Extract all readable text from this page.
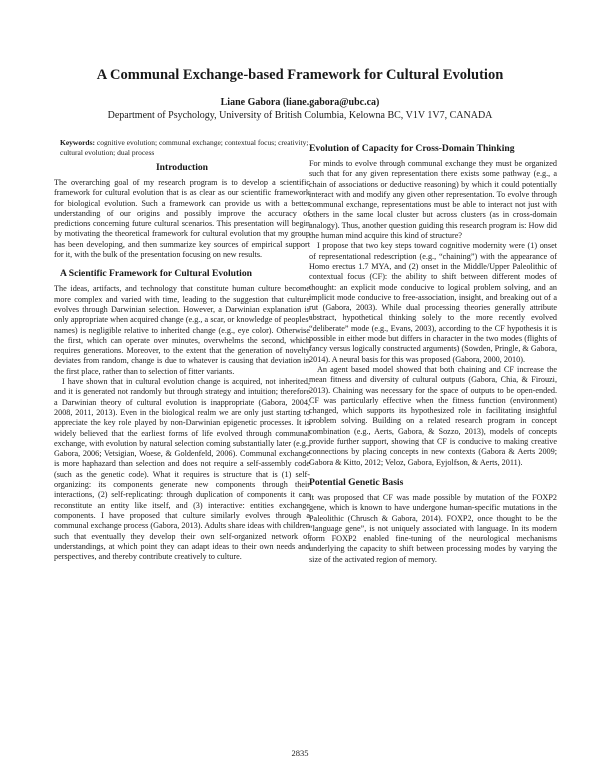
A Communal Exchange-based Framework for Cultural Evolution
Liane Gabora (liane.gabora@ubc.ca)
Department of Psychology, University of British Columbia, Kelowna BC, V1V 1V7, CANADA
Keywords: cognitive evolution; communal exchange; contextual focus; creativity; cultural evolution; dual process
Introduction

The overarching goal of my research program is to develop a scientific framework for cultural evolution that is as clear as our scientific framework for biological evolution. Such a framework can provide us with a better understanding of our origins and possibly improve the accuracy of predictions concerning future cultural scenarios. This presentation will begin by motivating the theoretical framework for cultural evolution that my group has been developing, and then summarize key sources of empirical support for it, with the bulk of the presentation focusing on new results.

A Scientific Framework for Cultural Evolution

The ideas, artifacts, and technology that constitute human culture become more complex and varied with time, leading to the suggestion that culture evolves through Darwinian selection. However, a Darwinian explanation is only appropriate when acquired change (e.g., a scar, or knowledge of peoples' names) is negligible relative to inherited change (e.g., eye color). Otherwise the first, which can operate over minutes, overwhelms the second, which requires generations. Moreover, to the extent that the generation of novelty deviates from random, change is due to whatever is causing that deviation in the first place, rather than to selection of fitter variants.

I have shown that in cultural evolution change is acquired, not inherited, and it is generated not randomly but through strategy and intuition; therefore a Darwinian theory of cultural evolution is inappropriate (Gabora, 2004, 2008, 2011, 2013). Even in the biological realm we are only just starting to appreciate the key role played by non-Darwinian epigenetic processes. It is widely believed that the earliest forms of life evolved through communal exchange, with evolution by natural selection coming substantially later (e.g., Gabora, 2006; Vetsigian, Woese, & Goldenfeld, 2006). Communal exchange is more haphazard than selection and does not require a self-assembly code (such as the genetic code). What it requires is structure that is (1) self-organizing: its components generate new components through their interactions, (2) self-replicating: through duplication of components it can reconstitute an entity like itself, and (3) interactive: entities exchange components. I have proposed that culture similarly evolves through a communal exchange process (Gabora, 2013). Adults share ideas with children such that eventually they develop their own self-organized network of understandings, at which point they can adapt ideas to their own needs and perspectives, and thereby contribute creatively to culture.

Evolution of Capacity for Cross-Domain Thinking

For minds to evolve through communal exchange they must be organized such that for any given representation there exists some pathway (e.g., a chain of associations or deductive reasoning) by which it could potentially interact with and modify any given other representation. To evolve through communal exchange, representations must be able to interact not just with others in the same local cluster but across clusters (as in cross-domain analogy). Thus, another question guiding this research program is: How did the human mind acquire this kind of structure?

I propose that two key steps toward cognitive modernity were (1) onset of representational redescription (e.g., “chaining”) with the appearance of Homo erectus 1.7 MYA, and (2) onset in the Middle/Upper Paleolithic of contextual focus (CF): the ability to shift between different modes of thought: an explicit mode conducive to logical problem solving, and an implicit mode conducive to free-association, insight, and breaking out of a rut (Gabora, 2003). While dual processing theories generally attribute abstract, hypothetical thinking solely to the more recently evolved “deliberate” mode (e.g., Evans, 2003), according to the CF hypothesis it is possible in either mode but differs in character in the two modes (flights of fancy versus logically constructed arguments) (Sowden, Pringle, & Gabora, 2014). A neural basis for this was proposed (Gabora, 2000, 2010).

An agent based model showed that both chaining and CF increase the mean fitness and diversity of cultural outputs (Gabora, Chia, & Firouzi, 2013). Chaining was necessary for the space of outputs to be open-ended. CF was particularly effective when the fitness function (environment) changed, which supports its hypothesized role in facilitating insightful problem solving. Building on a related research program in concept combination (e.g., Aerts, Gabora, & Sozzo, 2013), models of concepts provide further support, showing that CF is conducive to making creative connections by placing concepts in new contexts (Gabora & Aerts 2009; Gabora & Kitto, 2012; Veloz, Gabora, Eyjolfson, & Aerts, 2011).

Potential Genetic Basis

It was proposed that CF was made possible by mutation of the FOXP2 gene, which is known to have undergone human-specific mutations in the Paleolithic (Chrusch & Gabora, 2014). FOXP2, once thought to be the “language gene”, is not uniquely associated with language. In its modern form FOXP2 enabled fine-tuning of the neurological mechanisms underlying the capacity to shift between processing modes by varying the size of the activated region of memory.

2835
